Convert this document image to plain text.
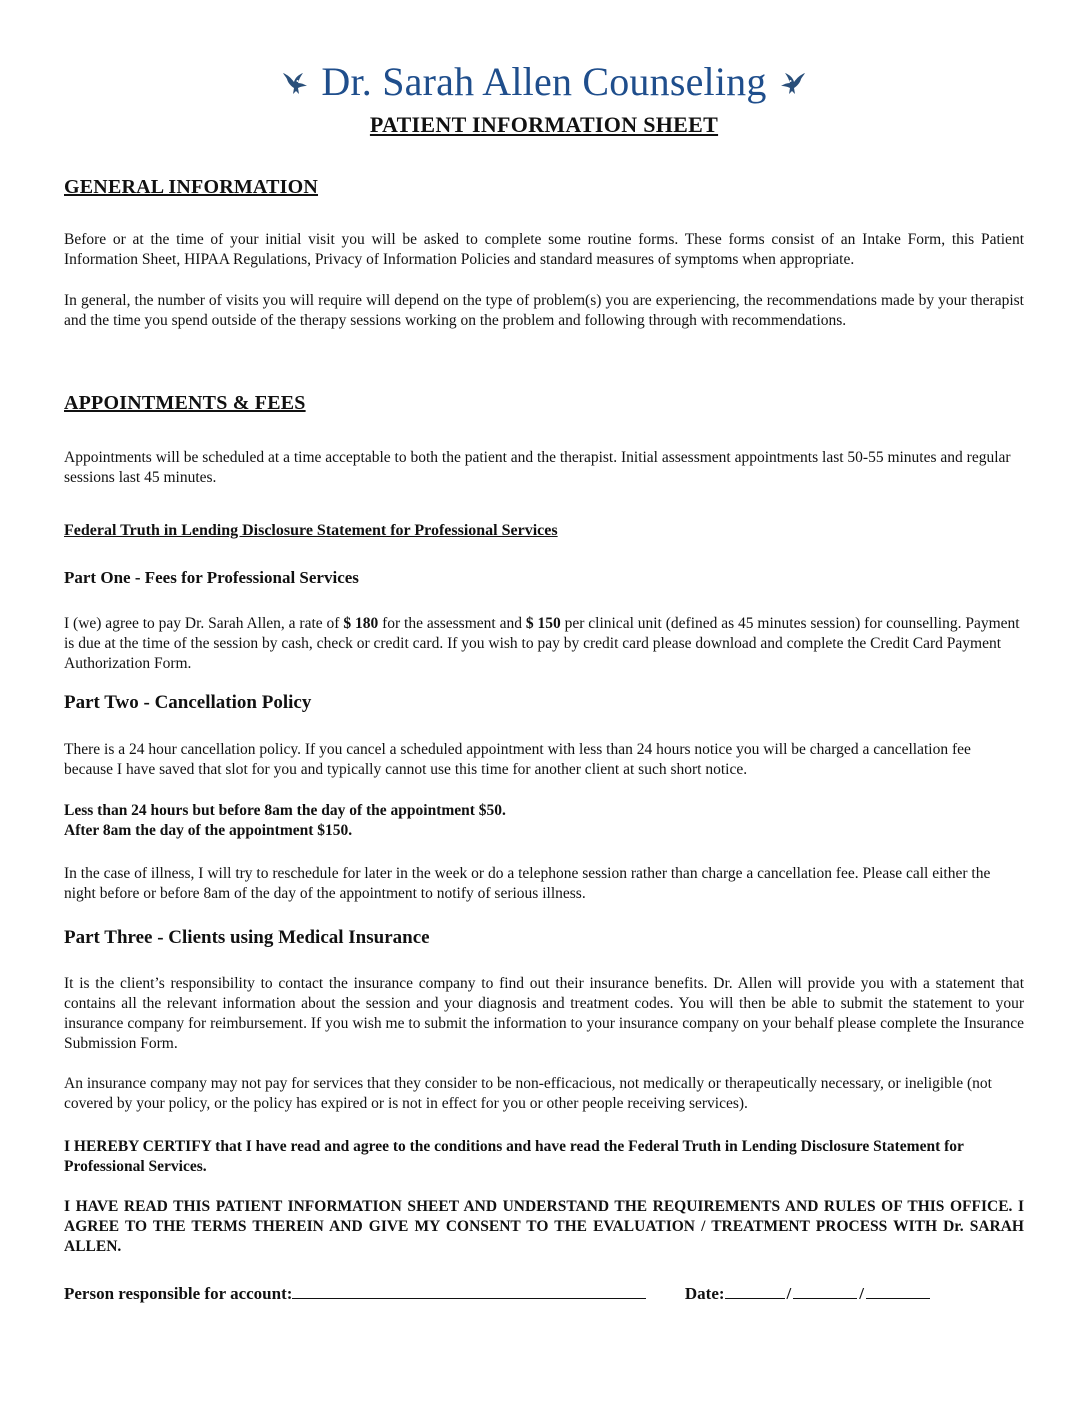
Dr. Sarah Allen Counseling
PATIENT INFORMATION SHEET
GENERAL INFORMATION
Before or at the time of your initial visit you will be asked to complete some routine forms. These forms consist of an Intake Form, this Patient Information Sheet, HIPAA Regulations, Privacy of Information Policies and standard measures of symptoms when appropriate.
In general, the number of visits you will require will depend on the type of problem(s) you are experiencing, the recommendations made by your therapist and the time you spend outside of the therapy sessions working on the problem and following through with recommendations.
APPOINTMENTS & FEES
Appointments will be scheduled at a time acceptable to both the patient and the therapist. Initial assessment appointments last 50-55 minutes and regular sessions last 45 minutes.
Federal Truth in Lending Disclosure Statement for Professional Services
Part One - Fees for Professional Services
I (we) agree to pay Dr. Sarah Allen, a rate of $ 180 for the assessment and $ 150 per clinical unit (defined as 45 minutes session) for counselling. Payment is due at the time of the session by cash, check or credit card. If you wish to pay by credit card please download and complete the Credit Card Payment Authorization Form.
Part Two - Cancellation Policy
There is a 24 hour cancellation policy. If you cancel a scheduled appointment with less than 24 hours notice you will be charged a cancellation fee because I have saved that slot for you and typically cannot use this time for another client at such short notice.
Less than 24 hours but before 8am the day of the appointment $50.
After 8am the day of the appointment $150.
In the case of illness, I will try to reschedule for later in the week or do a telephone session rather than charge a cancellation fee. Please call either the night before or before 8am of the day of the appointment to notify of serious illness.
Part Three - Clients using Medical Insurance
It is the client’s responsibility to contact the insurance company to find out their insurance benefits. Dr. Allen will provide you with a statement that contains all the relevant information about the session and your diagnosis and treatment codes. You will then be able to submit the statement to your insurance company for reimbursement. If you wish me to submit the information to your insurance company on your behalf please complete the Insurance Submission Form.
An insurance company may not pay for services that they consider to be non-efficacious, not medically or therapeutically necessary, or ineligible (not covered by your policy, or the policy has expired or is not in effect for you or other people receiving services).
I HEREBY CERTIFY that I have read and agree to the conditions and have read the Federal Truth in Lending Disclosure Statement for Professional Services.
I HAVE READ THIS PATIENT INFORMATION SHEET AND UNDERSTAND THE REQUIREMENTS AND RULES OF THIS OFFICE. I AGREE TO THE TERMS THEREIN AND GIVE MY CONSENT TO THE EVALUATION / TREATMENT PROCESS WITH Dr. SARAH ALLEN.
Person responsible for account:	Date:	/	/
